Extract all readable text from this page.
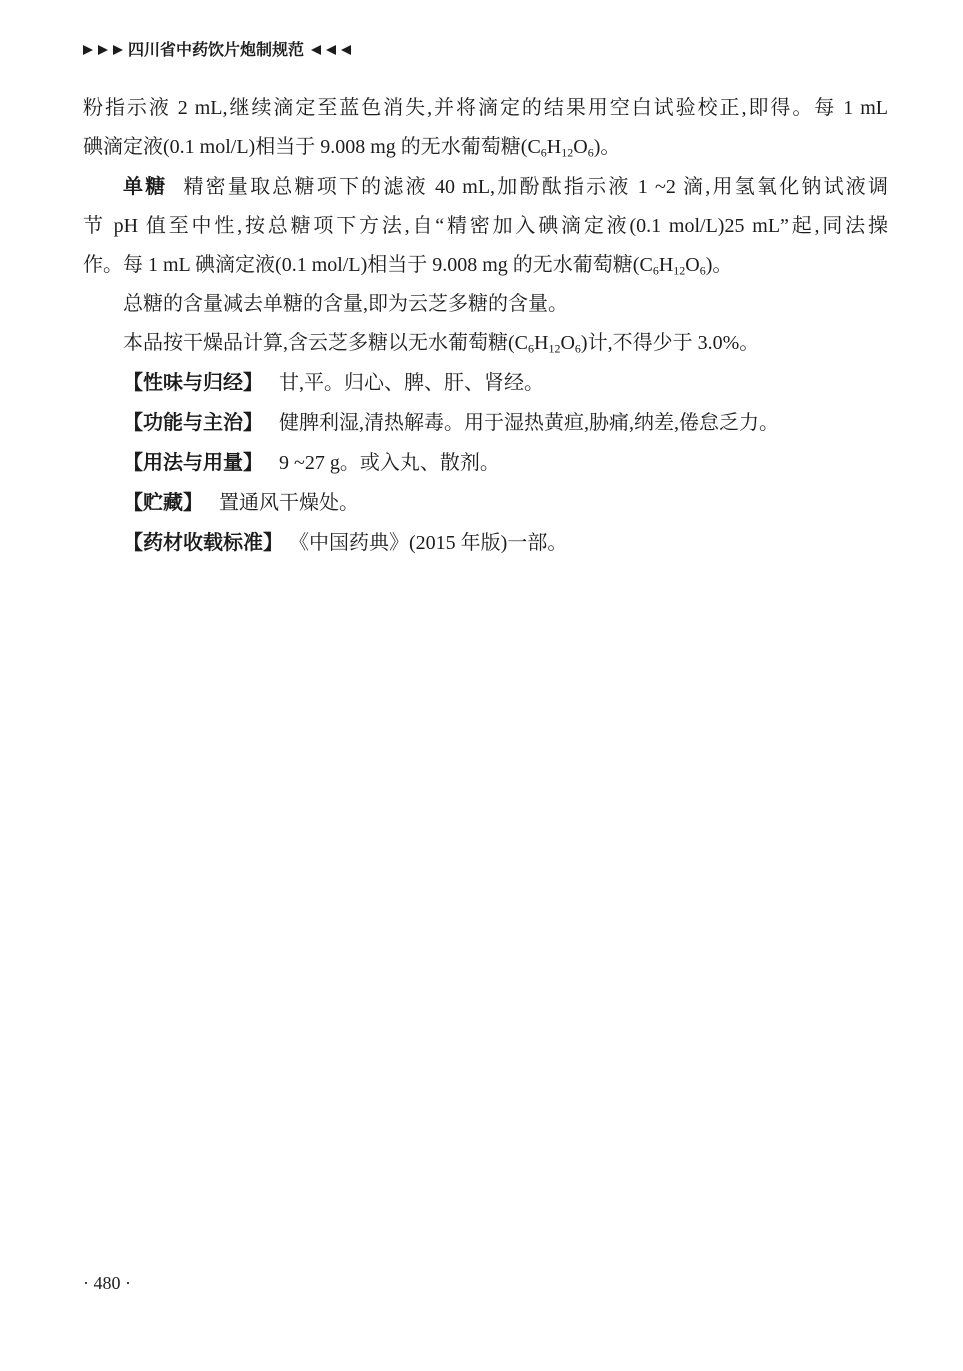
四川省中药饮片炮制规范
粉指示液 2 mL,继续滴定至蓝色消失,并将滴定的结果用空白试验校正,即得。每 1 mL
碘滴定液(0.1 mol/L)相当于 9.008 mg 的无水葡萄糖$(C_6H_{12}O_6)$。
单糖 精密量取总糖项下的滤液 40 mL,加酚酞指示液 1 ~2 滴,用氢氧化钠试液调
节 pH 值至中性,按总糖项下方法,自“精密加入碘滴定液(0.1 mol/L)25 mL”起,同法操
作。每 1 mL 碘滴定液(0.1 mol/L)相当于 9.008 mg 的无水葡萄糖$(C_6H_{12}O_6)$。
总糖的含量减去单糖的含量,即为云芝多糖的含量。
本品按干燥品计算,含云芝多糖以无水葡萄糖$(C_6H_{12}O_6)$计,不得少于 3.0%。
【性味与归经】 甘,平。归心、脾、肝、肾经。
【功能与主治】 健脾利湿,清热解毒。用于湿热黄疸,胁痛,纳差,倦怠乏力。
【用法与用量】 9 ~27 g。或入丸、散剂。
【贮藏】 置通风干燥处。
【药材收载标准】 《中国药典》(2015 年版)一部。
· 480 ·
